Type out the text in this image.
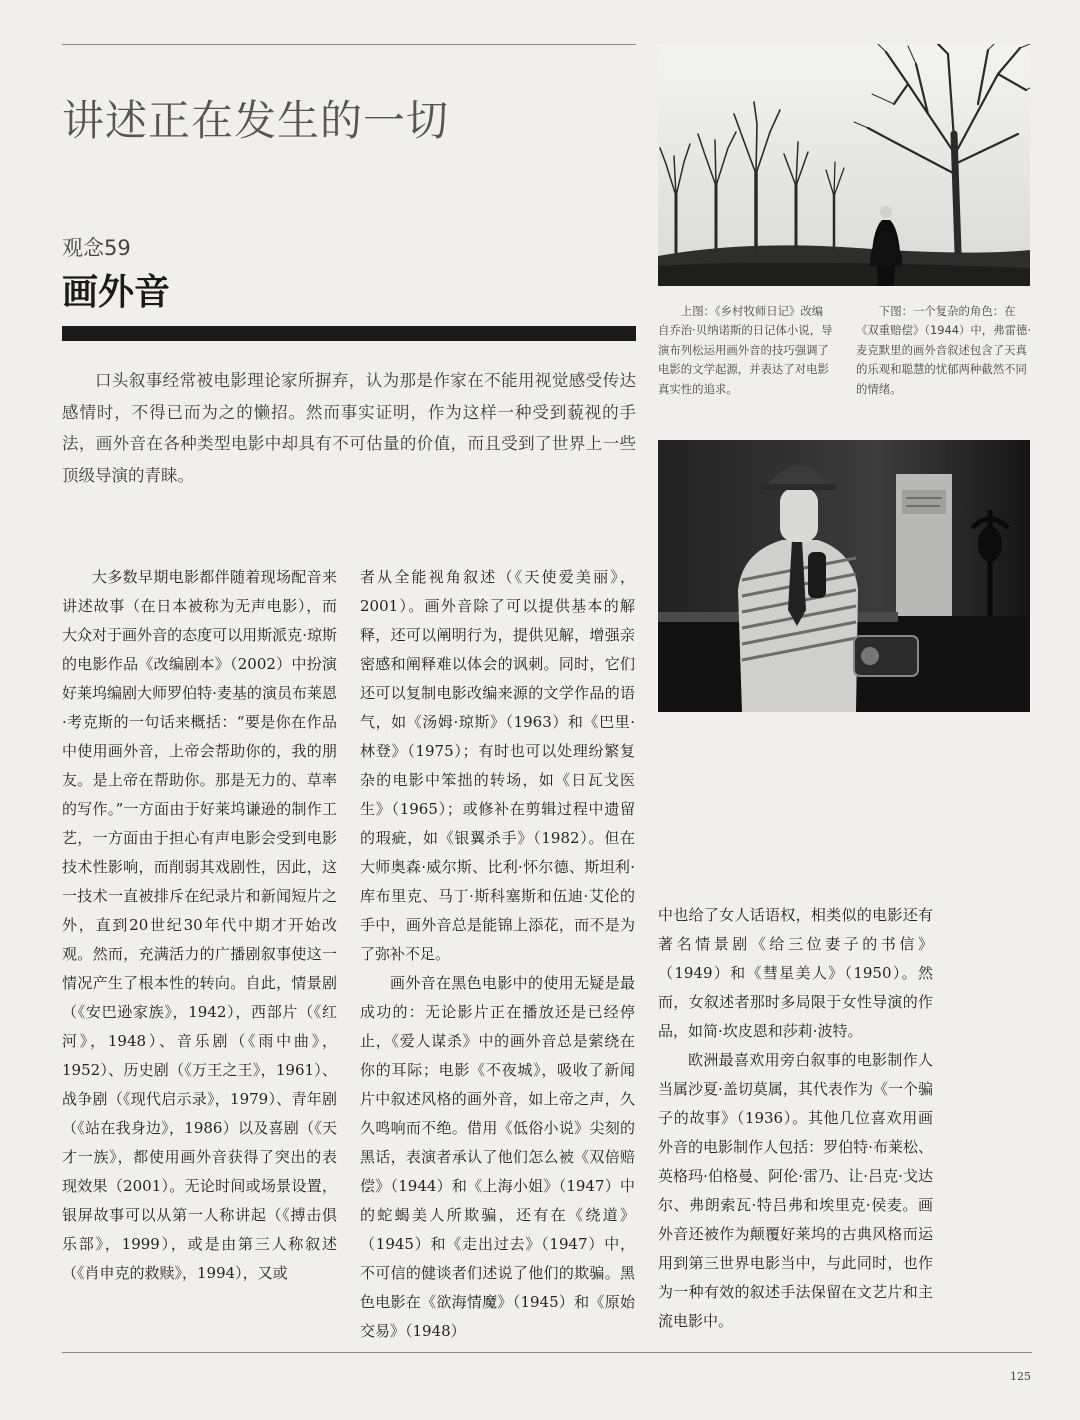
讲述正在发生的一切
观念59
画外音

口头叙事经常被电影理论家所摒弃，认为那是作家在不能用视觉感受传达感情时，不得已而为之的懒招。然而事实证明，作为这样一种受到藐视的手法，画外音在各种类型电影中却具有不可估量的价值，而且受到了世界上一些顶级导演的青睐。

大多数早期电影都伴随着现场配音来讲述故事（在日本被称为无声电影），而大众对于画外音的态度可以用斯派克·琼斯的电影作品《改编剧本》（2002）中扮演好莱坞编剧大师罗伯特·麦基的演员布莱恩·考克斯的一句话来概括：“要是你在作品中使用画外音，上帝会帮助你的，我的朋友。是上帝在帮助你。那是无力的、草率的写作。”一方面由于好莱坞谦逊的制作工艺，一方面由于担心有声电影会受到电影技术性影响，而削弱其戏剧性，因此，这一技术一直被排斥在纪录片和新闻短片之外，直到20世纪30年代中期才开始改观。然而，充满活力的广播剧叙事使这一情况产生了根本性的转向。自此，情景剧（《安巴逊家族》，1942），西部片（《红河》，1948）、音乐剧（《雨中曲》，1952）、历史剧（《万王之王》，1961）、战争剧（《现代启示录》，1979）、青年剧（《站在我身边》，1986）以及喜剧（《天才一族》，都使用画外音获得了突出的表现效果（2001）。无论时间或场景设置，银屏故事可以从第一人称讲起（《搏击俱乐部》，1999），或是由第三人称叙述（《肖申克的救赎》，1994），又或

者从全能视角叙述（《天使爱美丽》，2001）。画外音除了可以提供基本的解释，还可以阐明行为，提供见解，增强亲密感和阐释难以体会的讽刺。同时，它们还可以复制电影改编来源的文学作品的语气，如《汤姆·琼斯》（1963）和《巴里·林登》（1975）；有时也可以处理纷繁复杂的电影中笨拙的转场，如《日瓦戈医生》（1965）；或修补在剪辑过程中遗留的瑕疵，如《银翼杀手》（1982）。但在大师奥森·威尔斯、比利·怀尔德、斯坦利·库布里克、马丁·斯科塞斯和伍迪·艾伦的手中，画外音总是能锦上添花，而不是为了弥补不足。

画外音在黑色电影中的使用无疑是最成功的：无论影片正在播放还是已经停止，《爱人谋杀》中的画外音总是萦绕在你的耳际；电影《不夜城》，吸收了新闻片中叙述风格的画外音，如上帝之声，久久鸣响而不绝。借用《低俗小说》尖刻的黑话，表演者承认了他们怎么被《双倍赔偿》（1944）和《上海小姐》（1947）中的蛇蝎美人所欺骗，还有在《绕道》（1945）和《走出过去》（1947）中，不可信的健谈者们述说了他们的欺骗。黑色电影在《欲海情魔》（1945）和《原始交易》（1948）

中也给了女人话语权，相类似的电影还有著名情景剧《给三位妻子的书信》（1949）和《彗星美人》（1950）。然而，女叙述者那时多局限于女性导演的作品，如简·坎皮恩和莎莉·波特。

欧洲最喜欢用旁白叙事的电影制作人当属沙夏·盖切莫属，其代表作为《一个骗子的故事》（1936）。其他几位喜欢用画外音的电影制作人包括：罗伯特·布莱松、英格玛·伯格曼、阿伦·雷乃、让·吕克·戈达尔、弗朗索瓦·特吕弗和埃里克·侯麦。画外音还被作为颠覆好莱坞的古典风格而运用到第三世界电影当中，与此同时，也作为一种有效的叙述手法保留在文艺片和主流电影中。

上图：《乡村牧师日记》改编自乔治·贝纳诺斯的日记体小说，导演布列松运用画外音的技巧强调了电影的文学起源，并表达了对电影真实性的追求。

下图：一个复杂的角色：在《双重赔偿》（1944）中，弗雷德·麦克默里的画外音叙述包含了天真的乐观和聪慧的忧郁两种截然不同的情绪。

125
